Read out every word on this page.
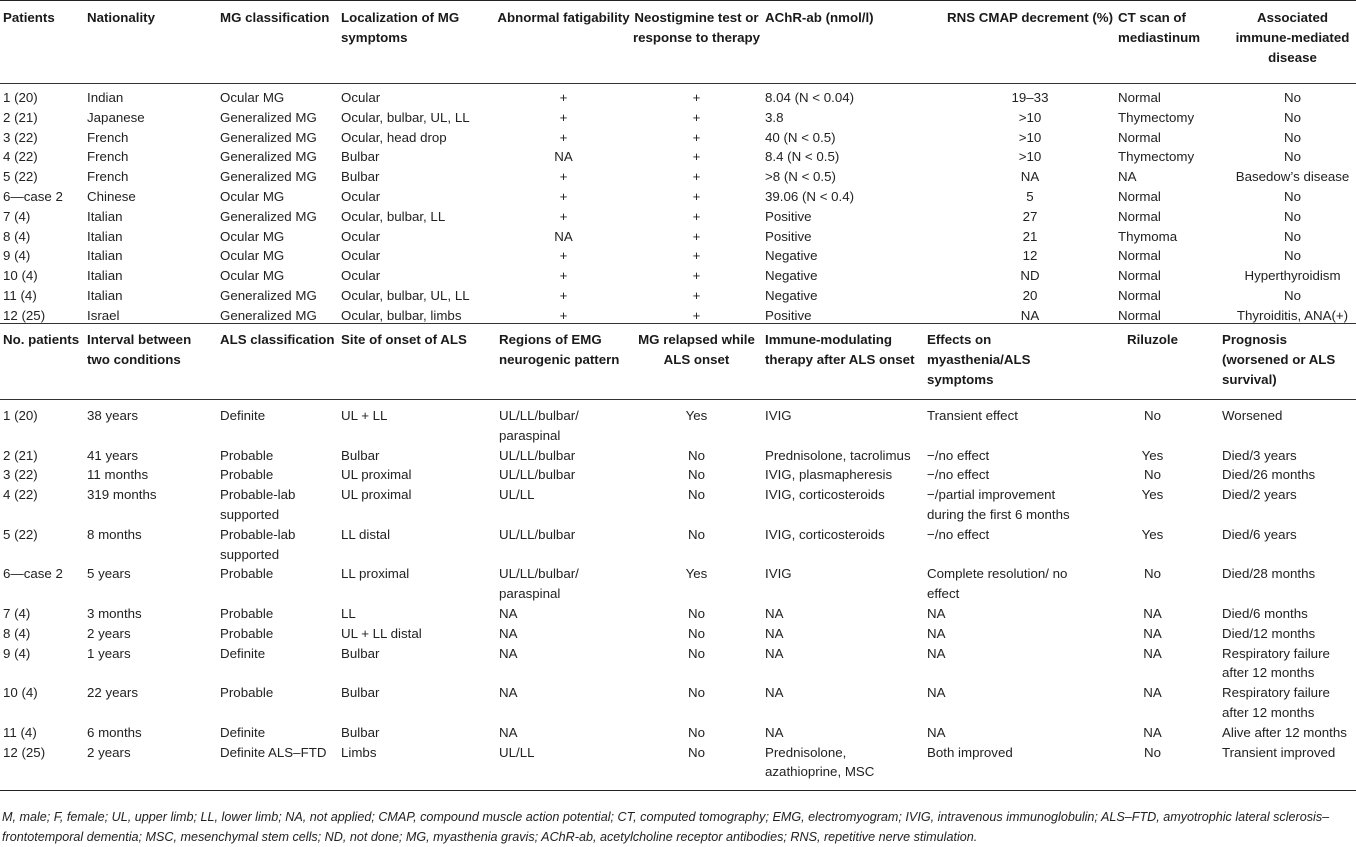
Patients	Nationality	MG classification	Localization of MG symptoms	Abnormal fatigability	Neostigmine test or response to therapy	AChR-ab (nmol/l)	RNS CMAP decrement (%)	CT scan of mediastinum	Associated immune-mediated disease
1 (20)	Indian	Ocular MG	Ocular	+	+	8.04 (N < 0.04)	19–33	Normal	No
2 (21)	Japanese	Generalized MG	Ocular, bulbar, UL, LL	+	+	3.8	>10	Thymectomy	No
3 (22)	French	Generalized MG	Ocular, head drop	+	+	40 (N < 0.5)	>10	Normal	No
4 (22)	French	Generalized MG	Bulbar	NA	+	8.4 (N < 0.5)	>10	Thymectomy	No
5 (22)	French	Generalized MG	Bulbar	+	+	>8 (N < 0.5)	NA	NA	Basedow’s disease
6—case 2	Chinese	Ocular MG	Ocular	+	+	39.06 (N < 0.4)	5	Normal	No
7 (4)	Italian	Generalized MG	Ocular, bulbar, LL	+	+	Positive	27	Normal	No
8 (4)	Italian	Ocular MG	Ocular	NA	+	Positive	21	Thymoma	No
9 (4)	Italian	Ocular MG	Ocular	+	+	Negative	12	Normal	No
10 (4)	Italian	Ocular MG	Ocular	+	+	Negative	ND	Normal	Hyperthyroidism
11 (4)	Italian	Generalized MG	Ocular, bulbar, UL, LL	+	+	Negative	20	Normal	No
12 (25)	Israel	Generalized MG	Ocular, bulbar, limbs	+	+	Positive	NA	Normal	Thyroiditis, ANA(+)
No. patients	Interval between two conditions	ALS classification	Site of onset of ALS	Regions of EMG neurogenic pattern	MG relapsed while ALS onset	Immune-modulating therapy after ALS onset	Effects on myasthenia/ALS symptoms	Riluzole	Prognosis (worsened or ALS survival)
1 (20)	38 years	Definite	UL + LL	UL/LL/bulbar/ paraspinal	Yes	IVIG	Transient effect	No	Worsened
2 (21)	41 years	Probable	Bulbar	UL/LL/bulbar	No	Prednisolone, tacrolimus	−/no effect	Yes	Died/3 years
3 (22)	11 months	Probable	UL proximal	UL/LL/bulbar	No	IVIG, plasmapheresis	−/no effect	No	Died/26 months
4 (22)	319 months	Probable-lab supported	UL proximal	UL/LL	No	IVIG, corticosteroids	−/partial improvement during the first 6 months	Yes	Died/2 years
5 (22)	8 months	Probable-lab supported	LL distal	UL/LL/bulbar	No	IVIG, corticosteroids	−/no effect	Yes	Died/6 years
6—case 2	5 years	Probable	LL proximal	UL/LL/bulbar/ paraspinal	Yes	IVIG	Complete resolution/ no effect	No	Died/28 months
7 (4)	3 months	Probable	LL	NA	No	NA	NA	NA	Died/6 months
8 (4)	2 years	Probable	UL + LL distal	NA	No	NA	NA	NA	Died/12 months
9 (4)	1 years	Definite	Bulbar	NA	No	NA	NA	NA	Respiratory failure after 12 months
10 (4)	22 years	Probable	Bulbar	NA	No	NA	NA	NA	Respiratory failure after 12 months
11 (4)	6 months	Definite	Bulbar	NA	No	NA	NA	NA	Alive after 12 months
12 (25)	2 years	Definite ALS–FTD	Limbs	UL/LL	No	Prednisolone, azathioprine, MSC	Both improved	No	Transient improved
M, male; F, female; UL, upper limb; LL, lower limb; NA, not applied; CMAP, compound muscle action potential; CT, computed tomography; EMG, electromyogram; IVIG, intravenous immunoglobulin; ALS–FTD, amyotrophic lateral sclerosis–frontotemporal dementia; MSC, mesenchymal stem cells; ND, not done; MG, myasthenia gravis; AChR-ab, acetylcholine receptor antibodies; RNS, repetitive nerve stimulation.
